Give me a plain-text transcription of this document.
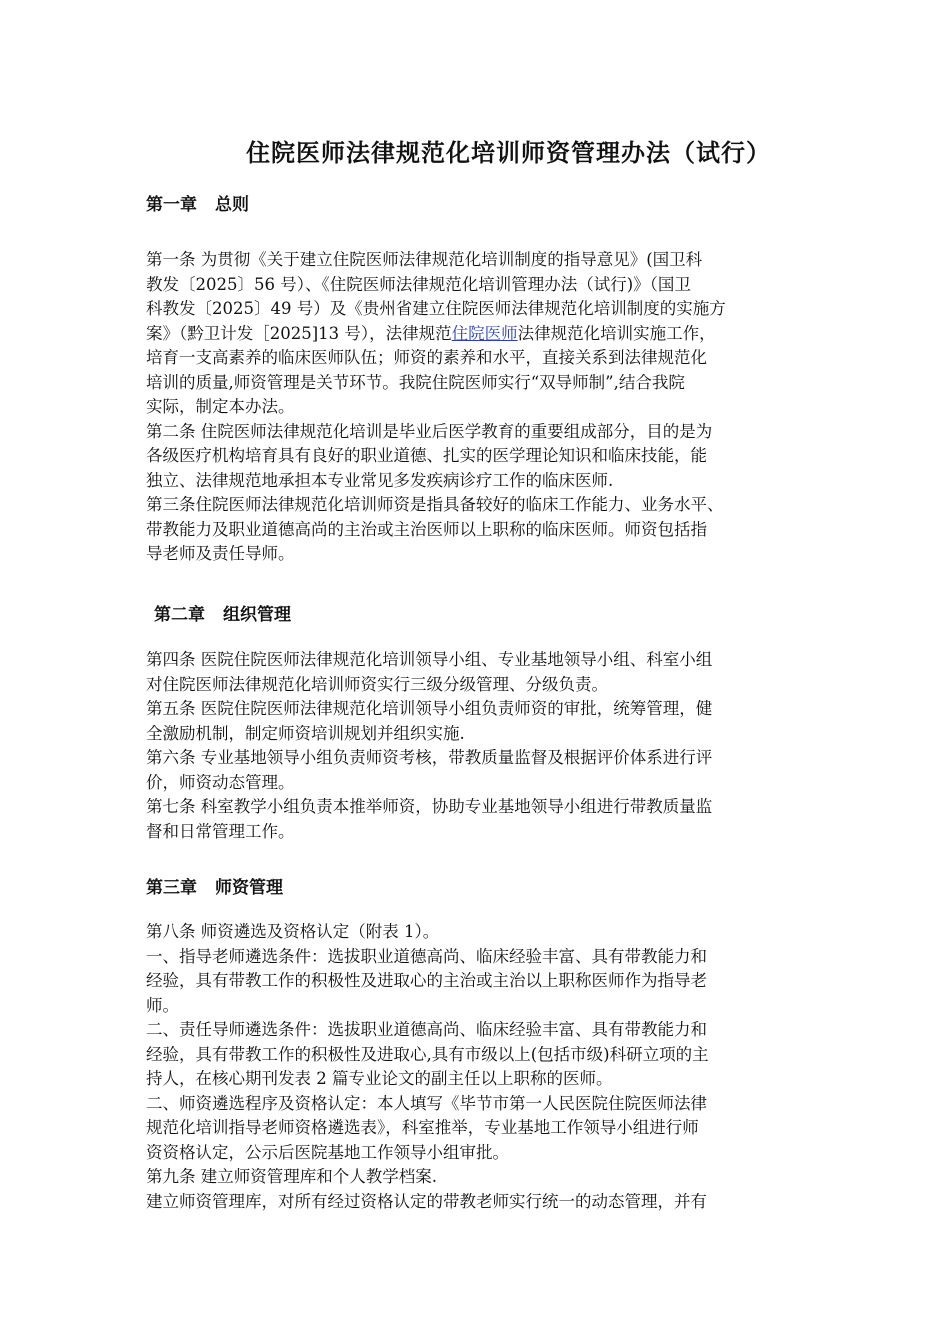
住院医师法律规范化培训师资管理办法（试行）
第一章 总则
第一条 为贯彻《关于建立住院医师法律规范化培训制度的指导意见》(国卫科
教发〔2025〕56 号）、《住院医师法律规范化培训管理办法（试行)》（国卫
科教发〔2025〕49 号）及《贵州省建立住院医师法律规范化培训制度的实施方
案》（黔卫计发［2025]13 号），法律规范住院医师法律规范化培训实施工作，
培育一支高素养的临床医师队伍；师资的素养和水平，直接关系到法律规范化
培训的质量,师资管理是关节环节。我院住院医师实行“双导师制”,结合我院
实际，制定本办法。
第二条 住院医师法律规范化培训是毕业后医学教育的重要组成部分，目的是为
各级医疗机构培育具有良好的职业道德、扎实的医学理论知识和临床技能，能
独立、法律规范地承担本专业常见多发疾病诊疗工作的临床医师.
第三条住院医师法律规范化培训师资是指具备较好的临床工作能力、业务水平、
带教能力及职业道德高尚的主治或主治医师以上职称的临床医师。师资包括指
导老师及责任导师。
第二章 组织管理
第四条 医院住院医师法律规范化培训领导小组、专业基地领导小组、科室小组
对住院医师法律规范化培训师资实行三级分级管理、分级负责。
第五条 医院住院医师法律规范化培训领导小组负责师资的审批，统筹管理，健
全激励机制，制定师资培训规划并组织实施.
第六条 专业基地领导小组负责师资考核，带教质量监督及根据评价体系进行评
价，师资动态管理。
第七条 科室教学小组负责本推举师资，协助专业基地领导小组进行带教质量监
督和日常管理工作。
第三章 师资管理
第八条 师资遴选及资格认定（附表 1）。
一、指导老师遴选条件：选拔职业道德高尚、临床经验丰富、具有带教能力和
经验，具有带教工作的积极性及进取心的主治或主治以上职称医师作为指导老
师。
二、责任导师遴选条件：选拔职业道德高尚、临床经验丰富、具有带教能力和
经验，具有带教工作的积极性及进取心,具有市级以上(包括市级)科研立项的主
持人，在核心期刊发表 2 篇专业论文的副主任以上职称的医师。
二、师资遴选程序及资格认定：本人填写《毕节市第一人民医院住院医师法律
规范化培训指导老师资格遴选表》，科室推举，专业基地工作领导小组进行师
资资格认定，公示后医院基地工作领导小组审批。
第九条 建立师资管理库和个人教学档案.
建立师资管理库，对所有经过资格认定的带教老师实行统一的动态管理，并有
